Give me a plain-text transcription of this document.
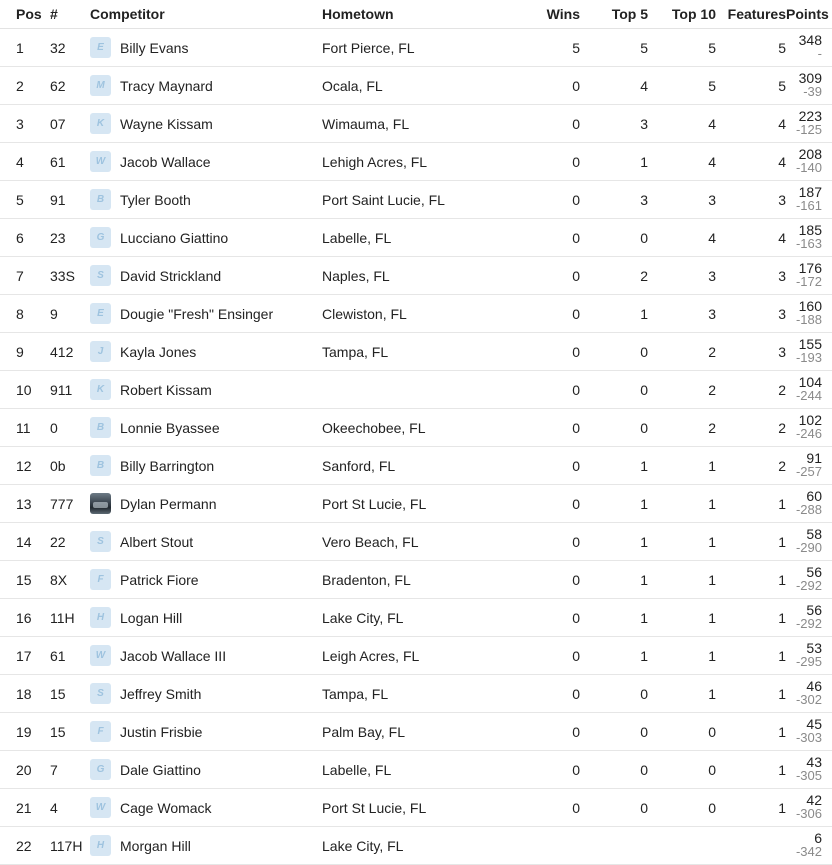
Pos	#	Competitor	Hometown	Wins	Top 5	Top 10	Features	Points
1	32	E Billy Evans	Fort Pierce, FL	5	5	5	5	348
-

2	62	M Tracy Maynard	Ocala, FL	0	4	5	5	309
-39

3	07	K Wayne Kissam	Wimauma, FL	0	3	4	4	223
-125

4	61	W Jacob Wallace	Lehigh Acres, FL	0	1	4	4	208
-140

5	91	B Tyler Booth	Port Saint Lucie, FL	0	3	3	3	187
-161

6	23	G Lucciano Giattino	Labelle, FL	0	0	4	4	185
-163

7	33S	S David Strickland	Naples, FL	0	2	3	3	176
-172

8	9	E Dougie "Fresh" Ensinger	Clewiston, FL	0	1	3	3	160
-188

9	412	J Kayla Jones	Tampa, FL	0	0	2	3	155
-193

10	911	K Robert Kissam		0	0	2	2	104
-244

11	0	B Lonnie Byassee	Okeechobee, FL	0	0	2	2	102
-246

12	0b	B Billy Barrington	Sanford, FL	0	1	1	2	91
-257

13	777	Dylan Permann	Port St Lucie, FL	0	1	1	1	60
-288

14	22	S Albert Stout	Vero Beach, FL	0	1	1	1	58
-290

15	8X	F Patrick Fiore	Bradenton, FL	0	1	1	1	56
-292

16	11H	H Logan Hill	Lake City, FL	0	1	1	1	56
-292

17	61	W Jacob Wallace III	Leigh Acres, FL	0	1	1	1	53
-295

18	15	S Jeffrey Smith	Tampa, FL	0	0	1	1	46
-302

19	15	F Justin Frisbie	Palm Bay, FL	0	0	0	1	45
-303

20	7	G Dale Giattino	Labelle, FL	0	0	0	1	43
-305

21	4	W Cage Womack	Port St Lucie, FL	0	0	0	1	42
-306

22	117H	H Morgan Hill	Lake City, FL					6
-342
